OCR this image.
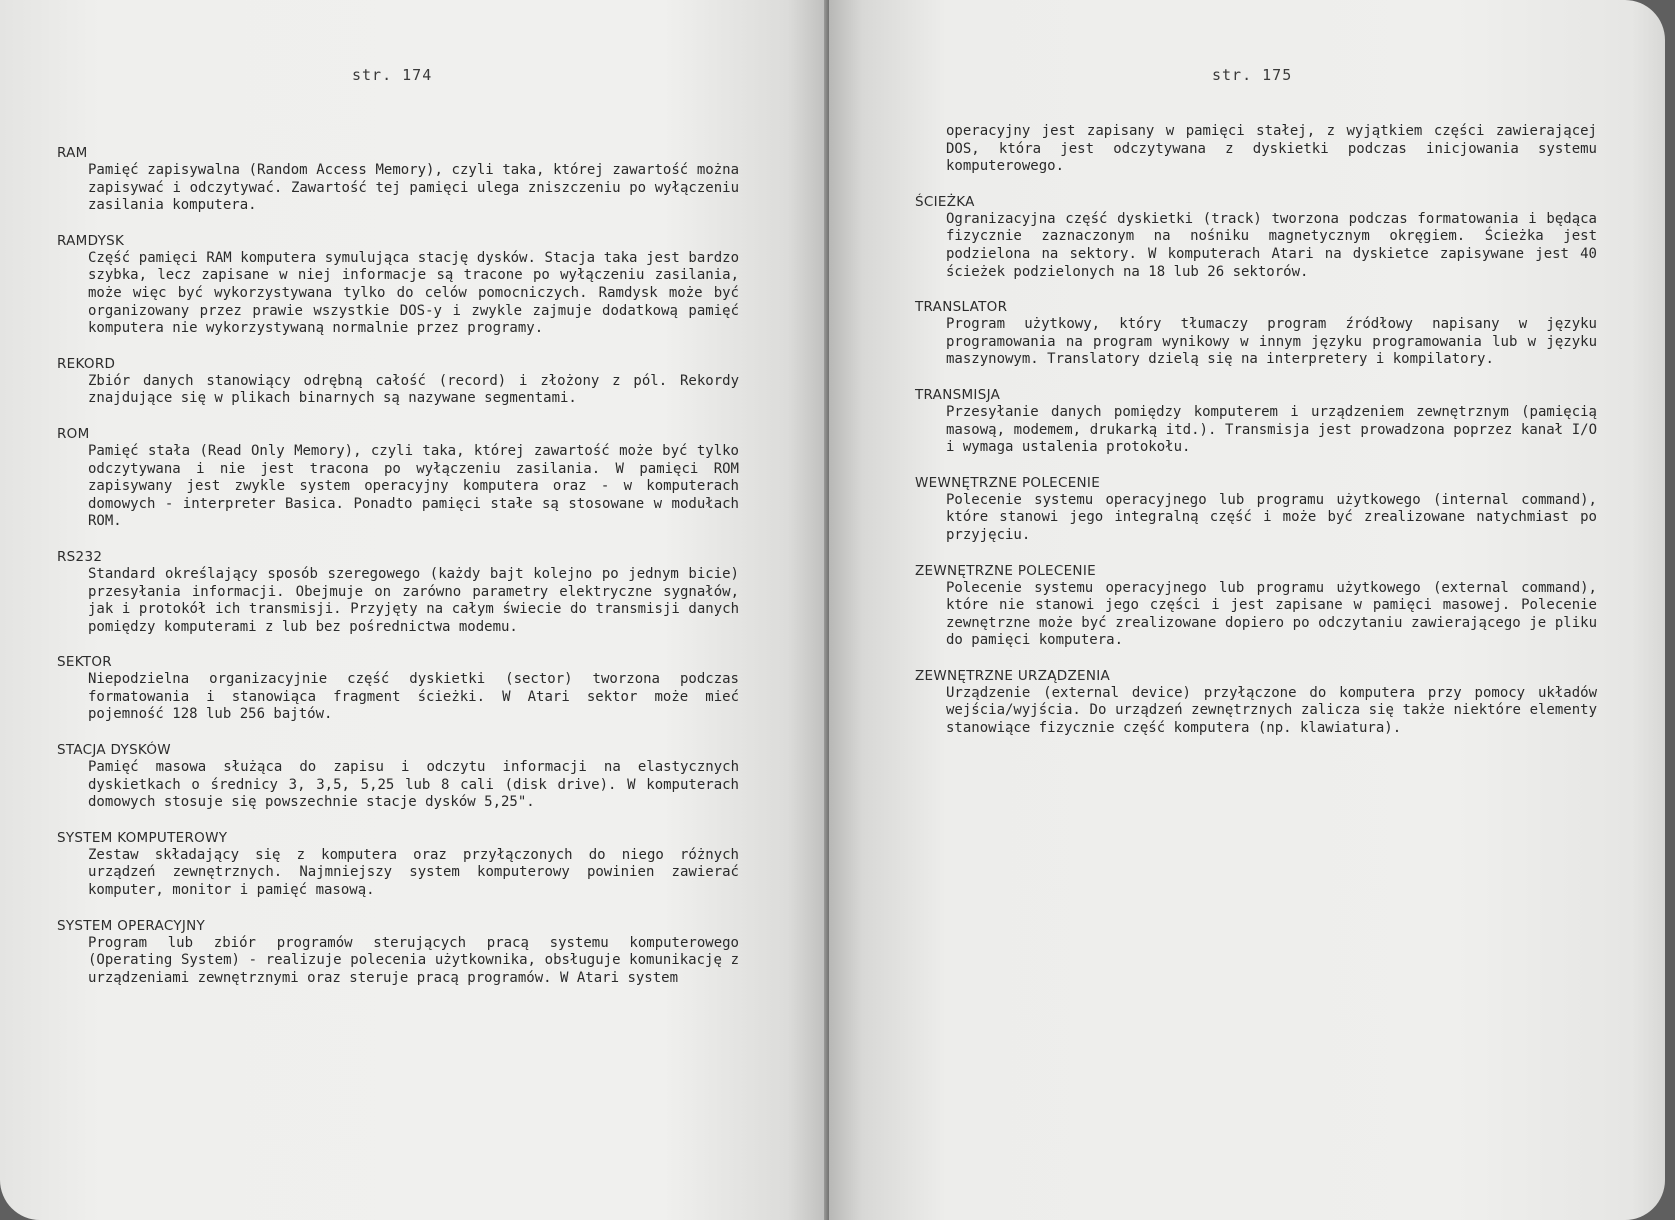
str. 174
RAM
Pamięć zapisywalna (Random Access Memory), czyli taka, której zawartość można zapisywać i odczytywać. Zawartość tej pamięci ulega zniszczeniu po wyłączeniu zasilania komputera.
RAMDYSK
Część pamięci RAM komputera symulująca stację dysków. Stacja taka jest bardzo szybka, lecz zapisane w niej informacje są tracone po wyłączeniu zasilania, może więc być wykorzystywana tylko do celów pomocniczych. Ramdysk może być organizowany przez prawie wszystkie DOS-y i zwykle zajmuje dodatkową pamięć komputera nie wykorzystywaną normalnie przez programy.
REKORD
Zbiór danych stanowiący odrębną całość (record) i złożony z pól. Rekordy znajdujące się w plikach binarnych są nazywane segmentami.
ROM
Pamięć stała (Read Only Memory), czyli taka, której zawartość może być tylko odczytywana i nie jest tracona po wyłączeniu zasilania. W pamięci ROM zapisywany jest zwykle system operacyjny komputera oraz - w komputerach domowych - interpreter Basica. Ponadto pamięci stałe są stosowane w modułach ROM.
RS232
Standard określający sposób szeregowego (każdy bajt kolejno po jednym bicie) przesyłania informacji. Obejmuje on zarówno parametry elektryczne sygnałów, jak i protokół ich transmisji. Przyjęty na całym świecie do transmisji danych pomiędzy komputerami z lub bez pośrednictwa modemu.
SEKTOR
Niepodzielna organizacyjnie część dyskietki (sector) tworzona podczas formatowania i stanowiąca fragment ścieżki. W Atari sektor może mieć pojemność 128 lub 256 bajtów.
STACJA DYSKÓW
Pamięć masowa służąca do zapisu i odczytu informacji na elastycznych dyskietkach o średnicy 3, 3,5, 5,25 lub 8 cali (disk drive). W komputerach domowych stosuje się powszechnie stacje dysków 5,25".
SYSTEM KOMPUTEROWY
Zestaw składający się z komputera oraz przyłączonych do niego różnych urządzeń zewnętrznych. Najmniejszy system komputerowy powinien zawierać komputer, monitor i pamięć masową.
SYSTEM OPERACYJNY
Program lub zbiór programów sterujących pracą systemu komputerowego (Operating System) - realizuje polecenia użytkownika, obsługuje komunikację z urządzeniami zewnętrznymi oraz steruje pracą programów. W Atari system
str. 175
operacyjny jest zapisany w pamięci stałej, z wyjątkiem części zawierającej DOS, która jest odczytywana z dyskietki podczas inicjowania systemu komputerowego.
ŚCIEŻKA
Ogranizacyjna część dyskietki (track) tworzona podczas formatowania i będąca fizycznie zaznaczonym na nośniku magnetycznym okręgiem. Ścieżka jest podzielona na sektory. W komputerach Atari na dyskietce zapisywane jest 40 ścieżek podzielonych na 18 lub 26 sektorów.
TRANSLATOR
Program użytkowy, który tłumaczy program źródłowy napisany w języku programowania na program wynikowy w innym języku programowania lub w języku maszynowym. Translatory dzielą się na interpretery i kompilatory.
TRANSMISJA
Przesyłanie danych pomiędzy komputerem i urządzeniem zewnętrznym (pamięcią masową, modemem, drukarką itd.). Transmisja jest prowadzona poprzez kanał I/O i wymaga ustalenia protokołu.
WEWNĘTRZNE POLECENIE
Polecenie systemu operacyjnego lub programu użytkowego (internal command), które stanowi jego integralną część i może być zrealizowane natychmiast po przyjęciu.
ZEWNĘTRZNE POLECENIE
Polecenie systemu operacyjnego lub programu użytkowego (external command), które nie stanowi jego części i jest zapisane w pamięci masowej. Polecenie zewnętrzne może być zrealizowane dopiero po odczytaniu zawierającego je pliku do pamięci komputera.
ZEWNĘTRZNE URZĄDZENIA
Urządzenie (external device) przyłączone do komputera przy pomocy układów wejścia/wyjścia. Do urządzeń zewnętrznych zalicza się także niektóre elementy stanowiące fizycznie część komputera (np. klawiatura).
